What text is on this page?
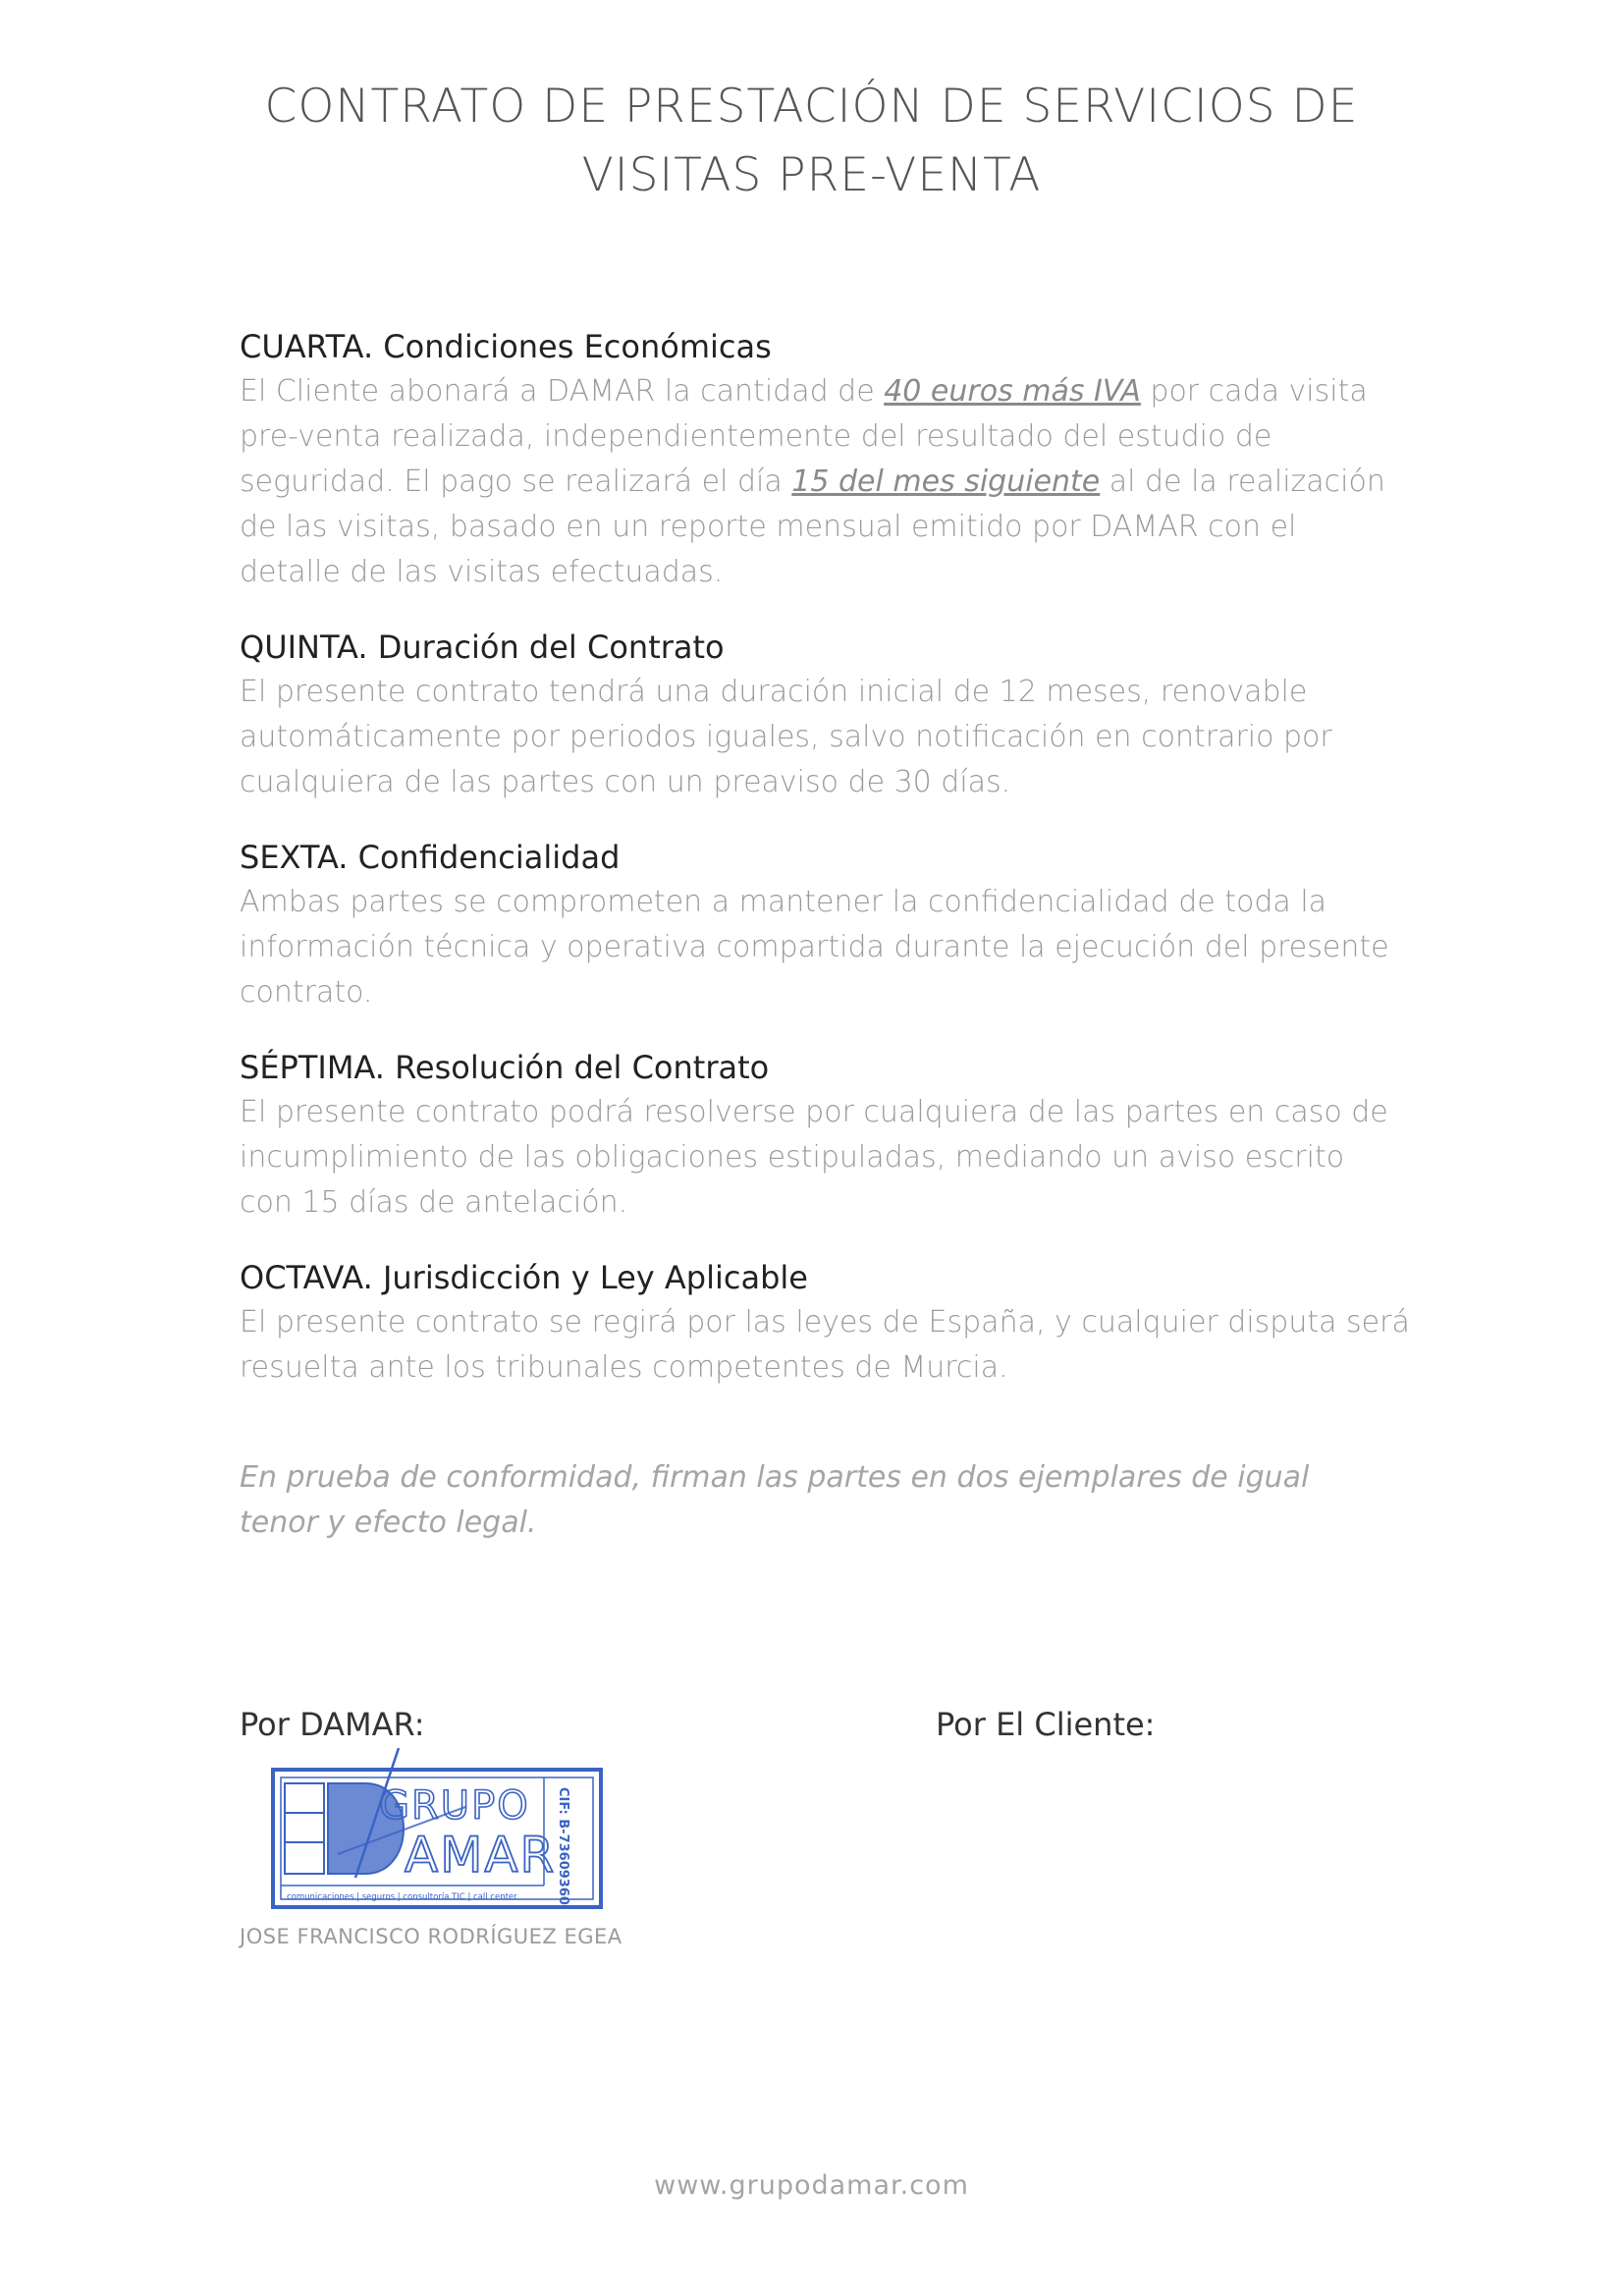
CONTRATO DE PRESTACIÓN DE SERVICIOS DE
VISITAS PRE-VENTA
CUARTA. Condiciones Económicas
El Cliente abonará a DAMAR la cantidad de 40 euros más IVA por cada visita
pre-venta realizada, independientemente del resultado del estudio de
seguridad. El pago se realizará el día 15 del mes siguiente al de la realización
de las visitas, basado en un reporte mensual emitido por DAMAR con el
detalle de las visitas efectuadas.
QUINTA. Duración del Contrato
El presente contrato tendrá una duración inicial de 12 meses, renovable
automáticamente por periodos iguales, salvo notificación en contrario por
cualquiera de las partes con un preaviso de 30 días.
SEXTA. Confidencialidad
Ambas partes se comprometen a mantener la confidencialidad de toda la
información técnica y operativa compartida durante la ejecución del presente
contrato.
SÉPTIMA. Resolución del Contrato
El presente contrato podrá resolverse por cualquiera de las partes en caso de
incumplimiento de las obligaciones estipuladas, mediando un aviso escrito
con 15 días de antelación.
OCTAVA. Jurisdicción y Ley Aplicable
El presente contrato se regirá por las leyes de España, y cualquier disputa será
resuelta ante los tribunales competentes de Murcia.
En prueba de conformidad, firman las partes en dos ejemplares de igual
tenor y efecto legal.
Por DAMAR:	Por El Cliente:
GRUPO
AMAR CIF: B-73609360
comunicaciones | seguros | consultoría TIC | call center
JOSE FRANCISCO RODRÍGUEZ EGEA
www.grupodamar.com
